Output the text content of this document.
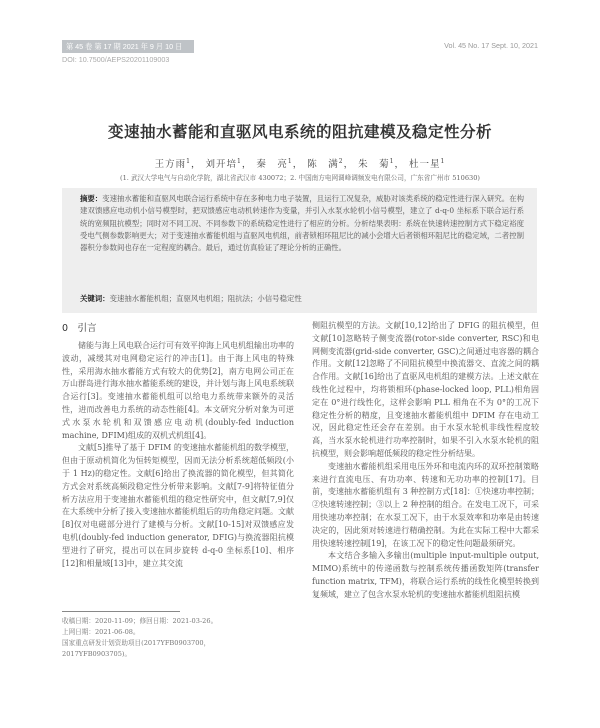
第 45 卷 第 17 期 2021 年 9 月 10 日	Vol. 45 No. 17 Sept. 10, 2021
DOI: 10.7500/AEPS20201109003
变速抽水蓄能和直驱风电系统的阻抗建模及稳定性分析
王方雨$^1$， 刘开培$^1$， 秦　亮$^1$， 陈　满$^2$， 朱　菊$^1$， 杜一星$^1$
(1. 武汉大学电气与自动化学院，湖北省武汉市 430072；2. 中国南方电网调峰调频发电有限公司，广东省广州市 510630)
摘要：变速抽水蓄能和直驱风电联合运行系统中存在多种电力电子装置，且运行工况复杂，威胁对该类系统的稳定性进行深入研究。在构建双馈感应电动机小信号模型时，把双馈感应电动机转速作为变量，并引入水泵水轮机小信号模型，建立了 d-q-0 坐标系下联合运行系统的宽频阻抗模型；同时对不同工况、不同参数下的系统稳定性进行了相应的分析。分析结果表明：系统在快速转速控制方式下稳定裕度受电气侧参数影响更大；对于变速抽水蓄能机组与直驱风电机组，前者锁相环阻尼比的减小会增大后者锁相环阻尼比的稳定域，二者控制器积分参数间也存在一定程度的耦合。最后，通过仿真验证了理论分析的正确性。
关键词：变速抽水蓄能机组；直驱风电机组；阻抗法；小信号稳定性
0　引言

储能与海上风电联合运行可有效平抑海上风电机组输出功率的波动，减缓其对电网稳定运行的冲击[1]。由于海上风电的特殊性，采用海水抽水蓄能方式有较大的优势[2]，南方电网公司正在万山群岛进行海水抽水蓄能系统的建设，并计划与海上风电系统联合运行[3]。变速抽水蓄能机组可以给电力系统带来额外的灵活性，进而改善电力系统的动态性能[4]。本文研究分析对象为可逆式水泵水轮机和双馈感应电动机(doubly-fed induction machine, DFIM)组成的双机式机组[4]。

文献[5]推导了基于 DFIM 的变速抽水蓄能机组的数学模型，但由于原动机简化为恒转矩模型，因而无法分析系统超低频段(小于 1 Hz)的稳定性。文献[6]给出了换流器的简化模型，但其简化方式会对系统高频段稳定性分析带来影响。文献[7-9]将特征值分析方法应用于变速抽水蓄能机组的稳定性研究中，但文献[7,9]仅在大系统中分析了接入变速抽水蓄能机组后的功角稳定问题。文献[8]仅对电磁部分进行了建模与分析。文献[10-15]对双馈感应发电机(doubly-fed induction generator, DFIG)与换流器阻抗模型进行了研究，提出可以在同步旋转 d-q-0 坐标系[10]、相序[12]和相量域[13]中，建立其交流

侧阻抗模型的方法。文献[10,12]给出了 DFIG 的阻抗模型，但文献[10]忽略转子侧变流器(rotor-side converter, RSC)和电网侧变流器(grid-side converter, GSC)之间通过电容器的耦合作用。文献[12]忽略了不同阻抗模型中换流器交、直流之间的耦合作用。文献[16]给出了直驱风电机组的建模方法。上述文献在线性化过程中，均将锁相环(phase-locked loop, PLL)相角固定在 0°进行线性化，这样会影响 PLL 相角在不为 0°的工况下稳定性分析的精度，且变速抽水蓄能机组中 DFIM 存在电动工况，因此稳定性还会存在差别。由于水泵水轮机非线性程度较高，当水泵水轮机进行功率控制时，如果不引入水泵水轮机的阻抗模型，则会影响超低频段的稳定性分析结果。

变速抽水蓄能机组采用电压外环和电流内环的双环控制策略来进行直流电压、有功功率、转速和无功功率的控制[17]。目前，变速抽水蓄能机组有 3 种控制方式[18]：①快速功率控制；②快速转速控制；③以上 2 种控制的组合。在发电工况下，可采用快速功率控制；在水泵工况下，由于水泵效率和功率是由转速决定的，因此须对转速进行精确控制。为此在实际工程中大都采用快速转速控制[19]，在该工况下的稳定性问题最须研究。

本文结合多输入多输出(multiple input-multiple output, MIMO)系统中的传递函数与控制系统传播函数矩阵(transfer function matrix, TFM)，将联合运行系统的线性化模型转换到复频域，建立了包含水泵水轮机的变速抽水蓄能机组阻抗模

收稿日期：2020-11-09；修回日期：2021-03-26。
上网日期：2021-06-08。
国家重点研发计划资助项目(2017YFB0903700，
2017YFB0903705)。
